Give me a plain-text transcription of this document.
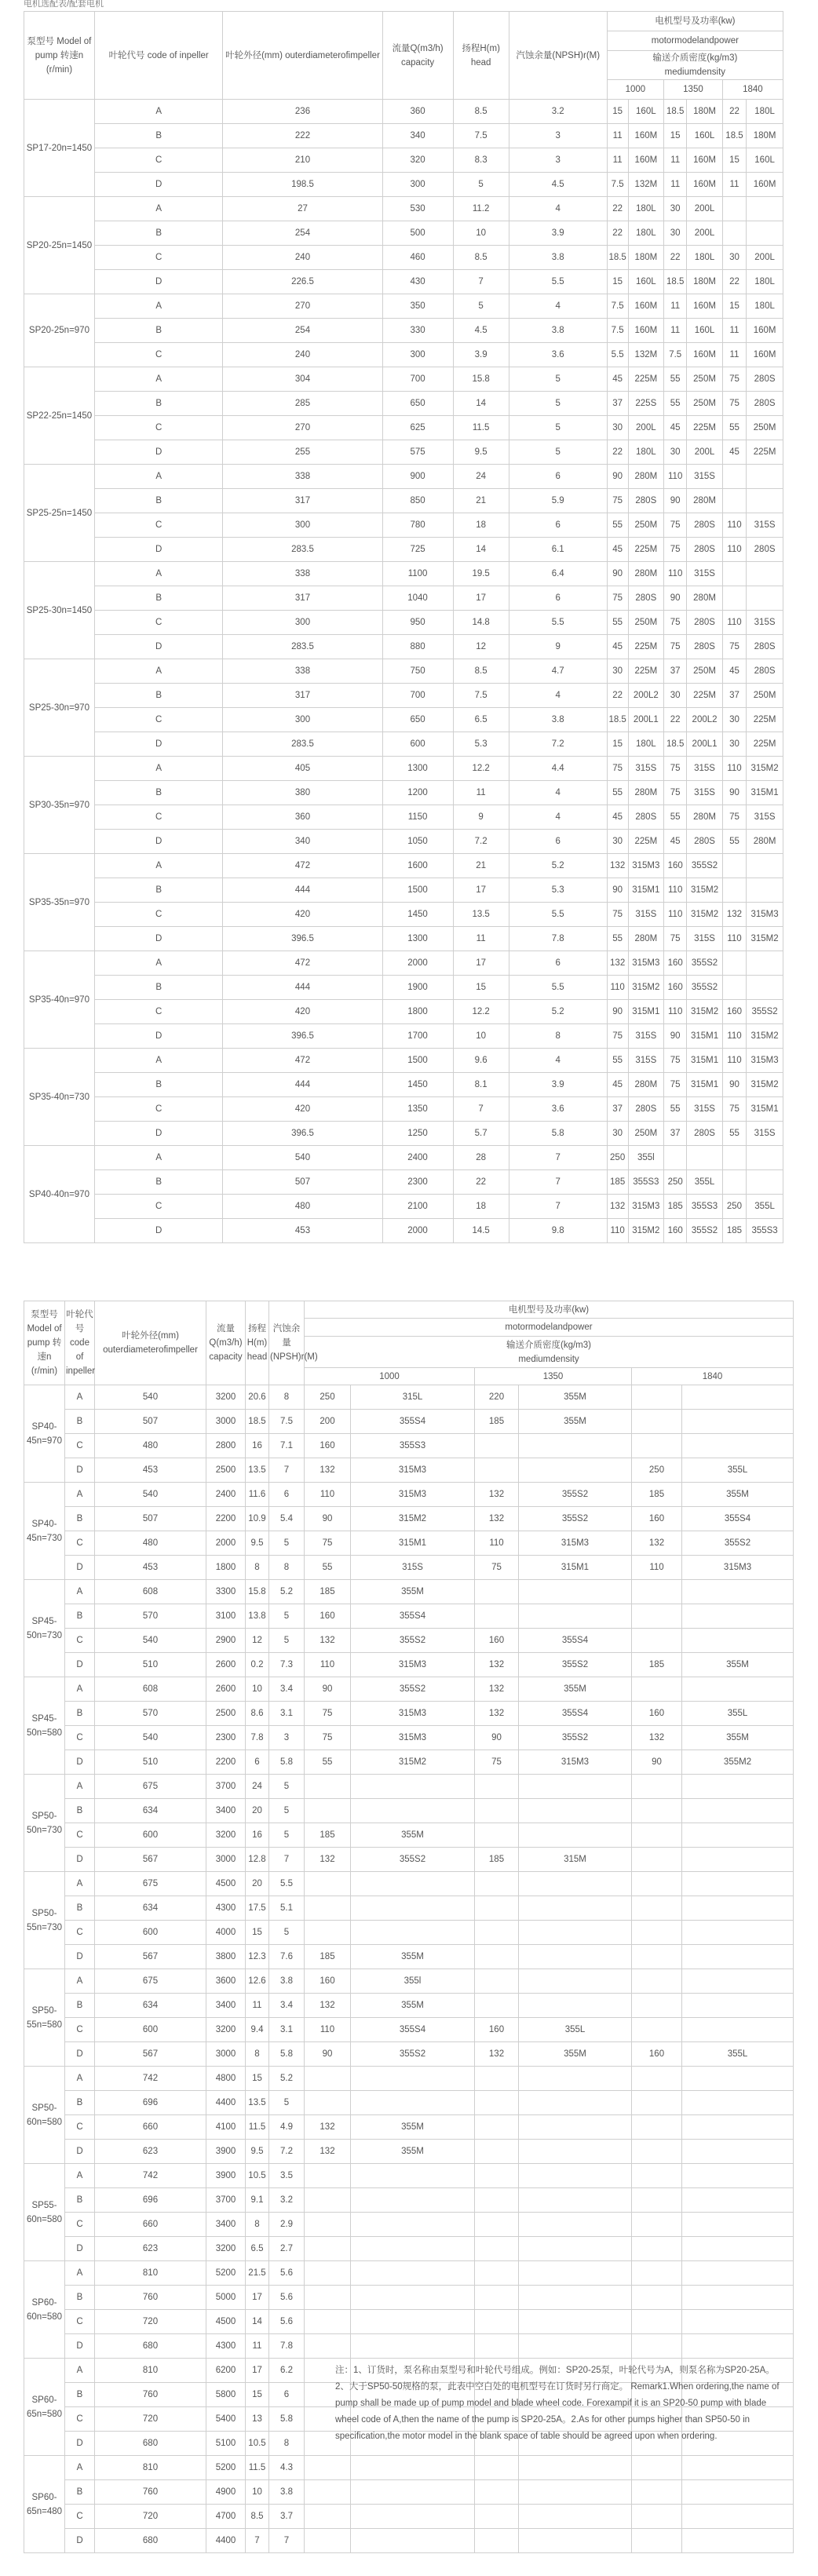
电机选配表/配套电机
泵型号 Model of pump 转速n (r/min)	叶轮代号 code of inpeller	叶轮外径(mm) outerdiameterofimpeller	流量Q(m3/h) capacity	扬程H(m) head	汽蚀余量(NPSH)r(M)	电机型号及功率(kw)					
						motormodelandpower					
						输送介质密度(kg/m3)
mediumdensity					
						1000		1350		1840	
SP17-20n=1450	A	236	360	8.5	3.2	15	160L	18.5	180M	22	180L
	B	222	340	7.5	3	11	160M	15	160L	18.5	180M
	C	210	320	8.3	3	11	160M	11	160M	15	160L
	D	198.5	300	5	4.5	7.5	132M	11	160M	11	160M
SP20-25n=1450	A	27	530	11.2	4	22	180L	30	200L		
	B	254	500	10	3.9	22	180L	30	200L		
	C	240	460	8.5	3.8	18.5	180M	22	180L	30	200L
	D	226.5	430	7	5.5	15	160L	18.5	180M	22	180L
SP20-25n=970	A	270	350	5	4	7.5	160M	11	160M	15	180L
	B	254	330	4.5	3.8	7.5	160M	11	160L	11	160M
	C	240	300	3.9	3.6	5.5	132M	7.5	160M	11	160M
SP22-25n=1450	A	304	700	15.8	5	45	225M	55	250M	75	280S
	B	285	650	14	5	37	225S	55	250M	75	280S
	C	270	625	11.5	5	30	200L	45	225M	55	250M
	D	255	575	9.5	5	22	180L	30	200L	45	225M
SP25-25n=1450	A	338	900	24	6	90	280M	110	315S		
	B	317	850	21	5.9	75	280S	90	280M		
	C	300	780	18	6	55	250M	75	280S	110	315S
	D	283.5	725	14	6.1	45	225M	75	280S	110	280S
SP25-30n=1450	A	338	1100	19.5	6.4	90	280M	110	315S		
	B	317	1040	17	6	75	280S	90	280M		
	C	300	950	14.8	5.5	55	250M	75	280S	110	315S
	D	283.5	880	12	9	45	225M	75	280S	75	280S
SP25-30n=970	A	338	750	8.5	4.7	30	225M	37	250M	45	280S
	B	317	700	7.5	4	22	200L2	30	225M	37	250M
	C	300	650	6.5	3.8	18.5	200L1	22	200L2	30	225M
	D	283.5	600	5.3	7.2	15	180L	18.5	200L1	30	225M
SP30-35n=970	A	405	1300	12.2	4.4	75	315S	75	315S	110	315M2
	B	380	1200	11	4	55	280M	75	315S	90	315M1
	C	360	1150	9	4	45	280S	55	280M	75	315S
	D	340	1050	7.2	6	30	225M	45	280S	55	280M
SP35-35n=970	A	472	1600	21	5.2	132	315M3	160	355S2		
	B	444	1500	17	5.3	90	315M1	110	315M2		
	C	420	1450	13.5	5.5	75	315S	110	315M2	132	315M3
	D	396.5	1300	11	7.8	55	280M	75	315S	110	315M2
SP35-40n=970	A	472	2000	17	6	132	315M3	160	355S2		
	B	444	1900	15	5.5	110	315M2	160	355S2		
	C	420	1800	12.2	5.2	90	315M1	110	315M2	160	355S2
	D	396.5	1700	10	8	75	315S	90	315M1	110	315M2
SP35-40n=730	A	472	1500	9.6	4	55	315S	75	315M1	110	315M3
	B	444	1450	8.1	3.9	45	280M	75	315M1	90	315M2
	C	420	1350	7	3.6	37	280S	55	315S	75	315M1
	D	396.5	1250	5.7	5.8	30	250M	37	280S	55	315S
SP40-40n=970	A	540	2400	28	7	250	355l				
	B	507	2300	22	7	185	355S3	250	355L		
	C	480	2100	18	7	132	315M3	185	355S3	250	355L
	D	453	2000	14.5	9.8	110	315M2	160	355S2	185	355S3
泵型号 Model of pump 转速n (r/min)	叶轮代号 code of inpeller	叶轮外径(mm) outerdiameterofimpeller	流量Q(m3/h) capacity	扬程H(m) head	汽蚀余量(NPSH)r(M)	电机型号及功率(kw)					
						motormodelandpower					
						输送介质密度(kg/m3)
mediumdensity					
						1000		1350		1840	
SP40-45n=970	A	540	3200	20.6	8	250	315L	220	355M		
	B	507	3000	18.5	7.5	200	355S4	185	355M		
	C	480	2800	16	7.1	160	355S3				
	D	453	2500	13.5	7	132	315M3			250	355L
SP40-45n=730	A	540	2400	11.6	6	110	315M3	132	355S2	185	355M
	B	507	2200	10.9	5.4	90	315M2	132	355S2	160	355S4
	C	480	2000	9.5	5	75	315M1	110	315M3	132	355S2
	D	453	1800	8	8	55	315S	75	315M1	110	315M3
SP45-50n=730	A	608	3300	15.8	5.2	185	355M				
	B	570	3100	13.8	5	160	355S4				
	C	540	2900	12	5	132	355S2	160	355S4		
	D	510	2600	0.2	7.3	110	315M3	132	355S2	185	355M
SP45-50n=580	A	608	2600	10	3.4	90	355S2	132	355M		
	B	570	2500	8.6	3.1	75	315M3	132	355S4	160	355L
	C	540	2300	7.8	3	75	315M3	90	355S2	132	355M
	D	510	2200	6	5.8	55	315M2	75	315M3	90	355M2
SP50-50n=730	A	675	3700	24	5						
	B	634	3400	20	5						
	C	600	3200	16	5	185	355M				
	D	567	3000	12.8	7	132	355S2	185	315M		
SP50-55n=730	A	675	4500	20	5.5						
	B	634	4300	17.5	5.1						
	C	600	4000	15	5						
	D	567	3800	12.3	7.6	185	355M				
SP50-55n=580	A	675	3600	12.6	3.8	160	355l				
	B	634	3400	11	3.4	132	355M				
	C	600	3200	9.4	3.1	110	355S4	160	355L		
	D	567	3000	8	5.8	90	355S2	132	355M	160	355L
SP50-60n=580	A	742	4800	15	5.2						
	B	696	4400	13.5	5						
	C	660	4100	11.5	4.9	132	355M				
	D	623	3900	9.5	7.2	132	355M				
SP55-60n=580	A	742	3900	10.5	3.5						
	B	696	3700	9.1	3.2						
	C	660	3400	8	2.9						
	D	623	3200	6.5	2.7						
SP60-60n=580	A	810	5200	21.5	5.6						
	B	760	5000	17	5.6						
	C	720	4500	14	5.6						
	D	680	4300	11	7.8						
SP60-65n=580	A	810	6200	17	6.2						
	B	760	5800	15	6						
	C	720	5400	13	5.8						
	D	680	5100	10.5	8						
SP60-65n=480	A	810	5200	11.5	4.3						
	B	760	4900	10	3.8						
	C	720	4700	8.5	3.7						
	D	680	4400	7	7						
注：1、订货时，泵名称由泵型号和叶轮代号组成。例如：SP20-25泵，叶轮代号为A，则泵名称为SP20-25A。 2、大于SP50-50规格的泵，此表中空白处的电机型号在订货时另行商定。 Remark1.When ordering,the name of pump shall be made up of pump model and blade wheel code. Forexampif it is an SP20-50 pump with blade wheel code of A,then the name of the pump is SP20-25A。2.As for other pumps higher than SP50-50 in specification,the motor model in the blank space of table should be agreed upon when ordering.
